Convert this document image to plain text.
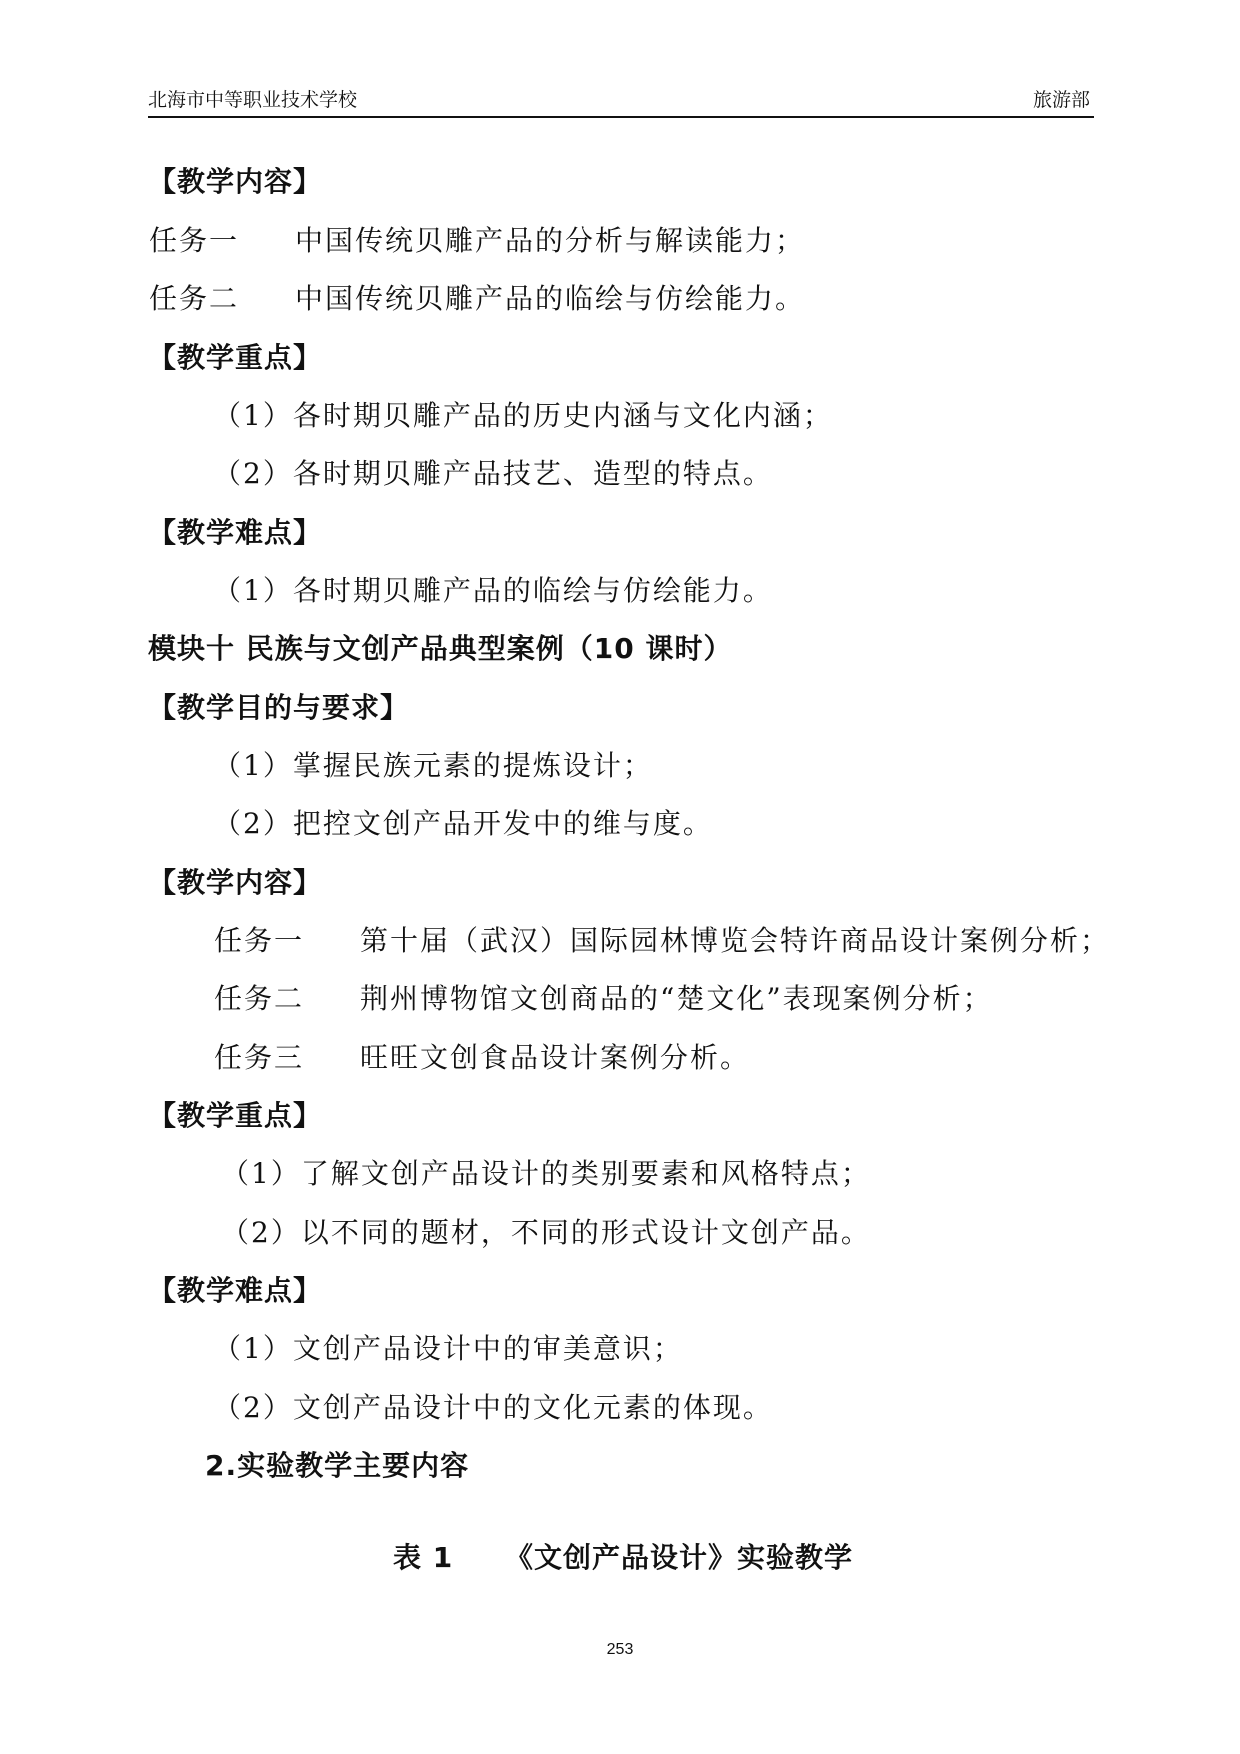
北海市中等职业技术学校	旅游部
【教学内容】
任务一 中国传统贝雕产品的分析与解读能力；
任务二 中国传统贝雕产品的临绘与仿绘能力。
【教学重点】
（1）各时期贝雕产品的历史内涵与文化内涵；
（2）各时期贝雕产品技艺、造型的特点。
【教学难点】
（1）各时期贝雕产品的临绘与仿绘能力。
模块十 民族与文创产品典型案例（10 课时）
【教学目的与要求】
（1）掌握民族元素的提炼设计；
（2）把控文创产品开发中的维与度。
【教学内容】
任务一 第十届（武汉）国际园林博览会特许商品设计案例分析；
任务二 荆州博物馆文创商品的“楚文化”表现案例分析；
任务三 旺旺文创食品设计案例分析。
【教学重点】
（1）了解文创产品设计的类别要素和风格特点；
（2）以不同的题材，不同的形式设计文创产品。
【教学难点】
（1）文创产品设计中的审美意识；
（2）文创产品设计中的文化元素的体现。
2.实验教学主要内容
表 1 《文创产品设计》实验教学
253
